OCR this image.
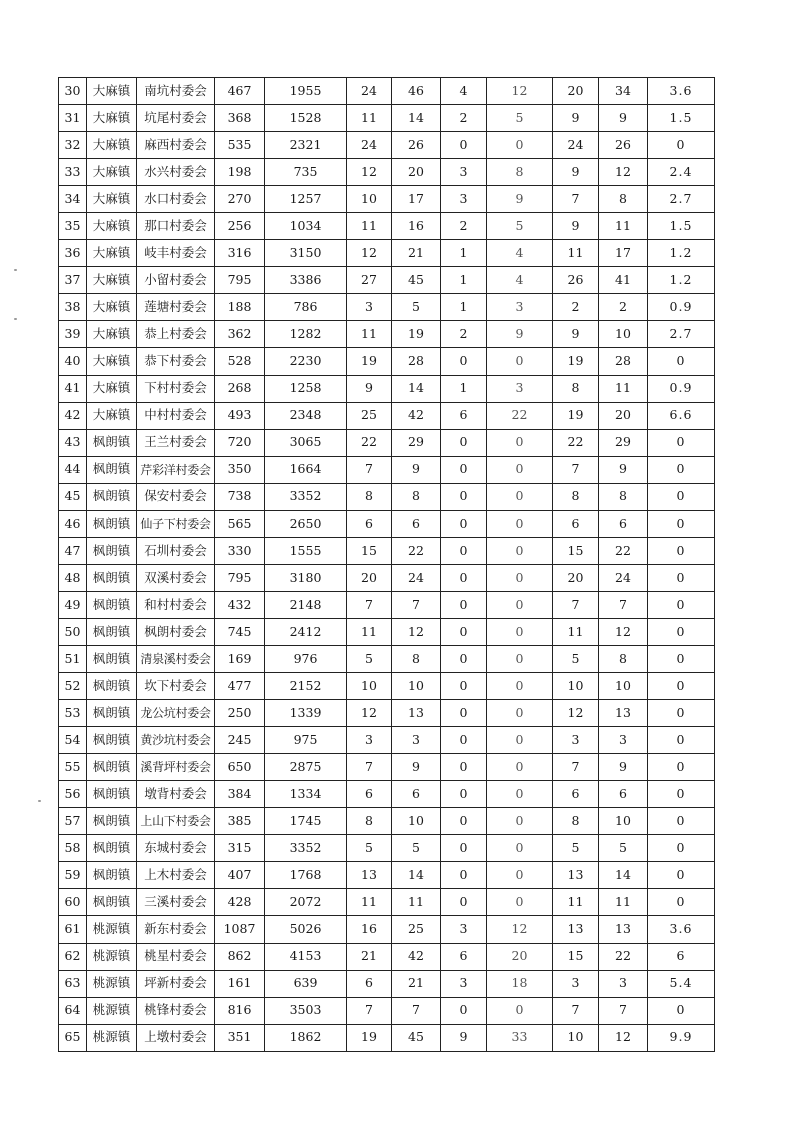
30	大麻镇	南坑村委会	467	1955	24	46	4	12	20	34	3.6
31	大麻镇	坑尾村委会	368	1528	11	14	2	5	9	9	1.5
32	大麻镇	麻西村委会	535	2321	24	26	0	0	24	26	0
33	大麻镇	水兴村委会	198	735	12	20	3	8	9	12	2.4
34	大麻镇	水口村委会	270	1257	10	17	3	9	7	8	2.7
35	大麻镇	那口村委会	256	1034	11	16	2	5	9	11	1.5
36	大麻镇	岐丰村委会	316	3150	12	21	1	4	11	17	1.2
37	大麻镇	小留村委会	795	3386	27	45	1	4	26	41	1.2
38	大麻镇	莲塘村委会	188	786	3	5	1	3	2	2	0.9
39	大麻镇	恭上村委会	362	1282	11	19	2	9	9	10	2.7
40	大麻镇	恭下村委会	528	2230	19	28	0	0	19	28	0
41	大麻镇	下村村委会	268	1258	9	14	1	3	8	11	0.9
42	大麻镇	中村村委会	493	2348	25	42	6	22	19	20	6.6
43	枫朗镇	王兰村委会	720	3065	22	29	0	0	22	29	0
44	枫朗镇	芹彩洋村委会	350	1664	7	9	0	0	7	9	0
45	枫朗镇	保安村委会	738	3352	8	8	0	0	8	8	0
46	枫朗镇	仙子下村委会	565	2650	6	6	0	0	6	6	0
47	枫朗镇	石圳村委会	330	1555	15	22	0	0	15	22	0
48	枫朗镇	双溪村委会	795	3180	20	24	0	0	20	24	0
49	枫朗镇	和村村委会	432	2148	7	7	0	0	7	7	0
50	枫朗镇	枫朗村委会	745	2412	11	12	0	0	11	12	0
51	枫朗镇	清泉溪村委会	169	976	5	8	0	0	5	8	0
52	枫朗镇	坎下村委会	477	2152	10	10	0	0	10	10	0
53	枫朗镇	龙公坑村委会	250	1339	12	13	0	0	12	13	0
54	枫朗镇	黄沙坑村委会	245	975	3	3	0	0	3	3	0
55	枫朗镇	溪背坪村委会	650	2875	7	9	0	0	7	9	0
56	枫朗镇	墩背村委会	384	1334	6	6	0	0	6	6	0
57	枫朗镇	上山下村委会	385	1745	8	10	0	0	8	10	0
58	枫朗镇	东城村委会	315	3352	5	5	0	0	5	5	0
59	枫朗镇	上木村委会	407	1768	13	14	0	0	13	14	0
60	枫朗镇	三溪村委会	428	2072	11	11	0	0	11	11	0
61	桃源镇	新东村委会	1087	5026	16	25	3	12	13	13	3.6
62	桃源镇	桃星村委会	862	4153	21	42	6	20	15	22	6
63	桃源镇	坪新村委会	161	639	6	21	3	18	3	3	5.4
64	桃源镇	桃锋村委会	816	3503	7	7	0	0	7	7	0
65	桃源镇	上墩村委会	351	1862	19	45	9	33	10	12	9.9
